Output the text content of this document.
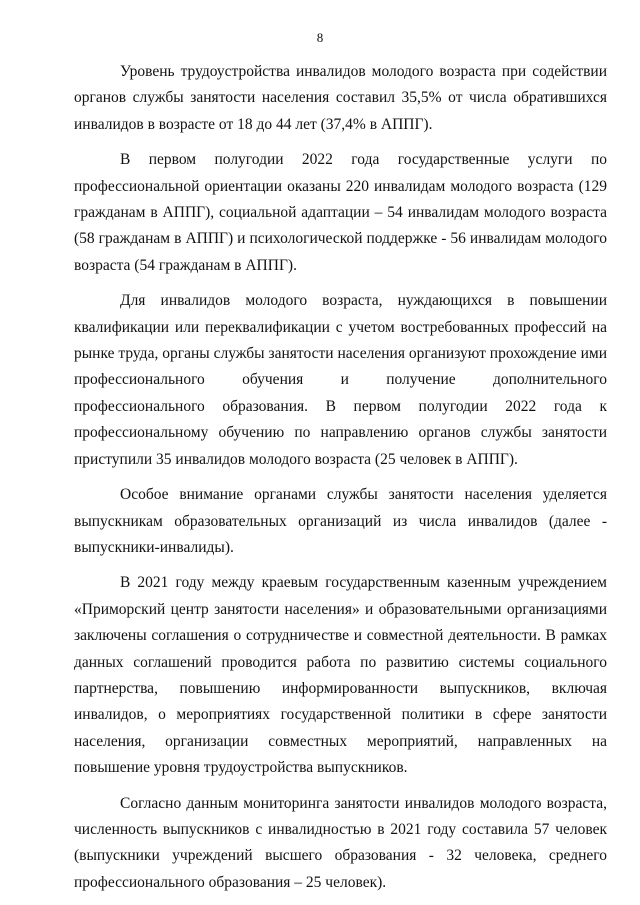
8

Уровень трудоустройства инвалидов молодого возраста при содействии органов службы занятости населения составил 35,5% от числа обратившихся инвалидов в возрасте от 18 до 44 лет (37,4% в АППГ).

В первом полугодии 2022 года государственные услуги по профессиональной ориентации оказаны 220 инвалидам молодого возраста (129 гражданам в АППГ), социальной адаптации – 54 инвалидам молодого возраста (58 гражданам в АППГ) и психологической поддержке - 56 инвалидам молодого возраста (54 гражданам в АППГ).

Для инвалидов молодого возраста, нуждающихся в повышении квалификации или переквалификации с учетом востребованных профессий на рынке труда, органы службы занятости населения организуют прохождение ими профессионального обучения и получение дополнительного профессионального образования. В первом полугодии 2022 года к профессиональному обучению по направлению органов службы занятости приступили 35 инвалидов молодого возраста (25 человек в АППГ).

Особое внимание органами службы занятости населения уделяется выпускникам образовательных организаций из числа инвалидов (далее - выпускники-инвалиды).

В 2021 году между краевым государственным казенным учреждением «Приморский центр занятости населения» и образовательными организациями заключены соглашения о сотрудничестве и совместной деятельности. В рамках данных соглашений проводится работа по развитию системы социального партнерства, повышению информированности выпускников, включая инвалидов, о мероприятиях государственной политики в сфере занятости населения, организации совместных мероприятий, направленных на повышение уровня трудоустройства выпускников.

Согласно данным мониторинга занятости инвалидов молодого возраста, численность выпускников с инвалидностью в 2021 году составила 57 человек (выпускники учреждений высшего образования - 32 человека, среднего профессионального образования – 25 человек).
